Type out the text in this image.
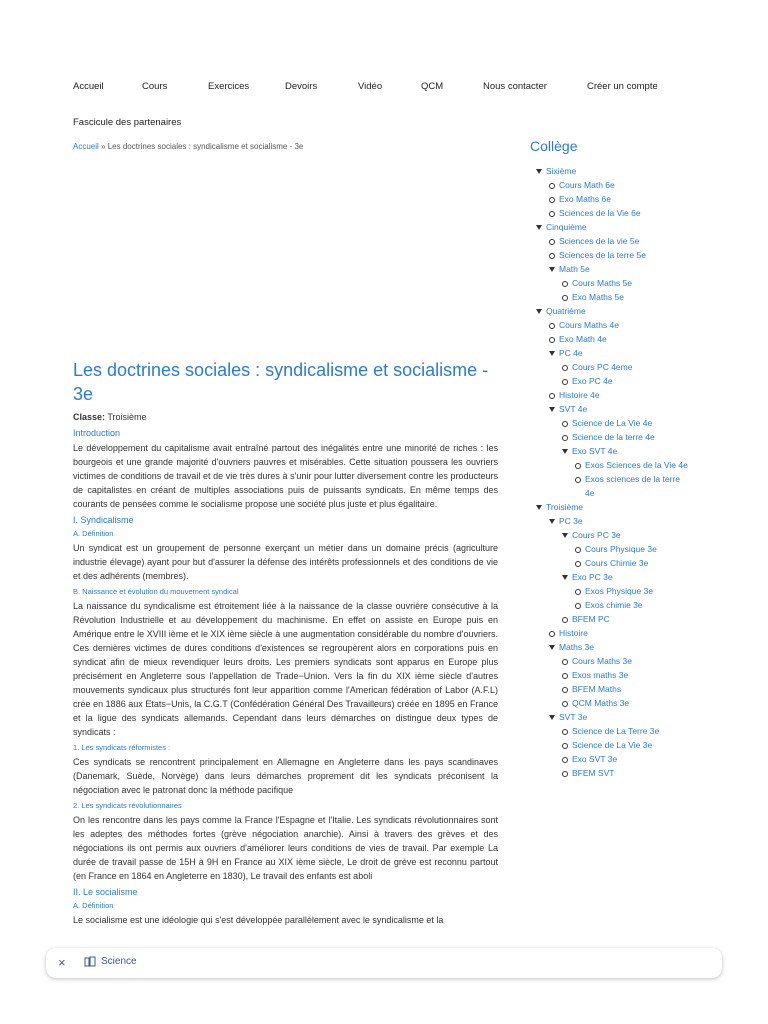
Accueil	Cours	Exercices	Devoirs	Vidéo	QCM	Nous contacter	Créer un compte
Fascicule des partenaires
Accueil » Les doctrines sociales : syndicalisme et socialisme - 3e
Les doctrines sociales : syndicalisme et socialisme - 3e
Classe: Troisième
Introduction

Le développement du capitalisme avait entraîné partout des inégalités entre une minorité de riches : les bourgeois et une grande majorité d'ouvriers pauvres et misérables. Cette situation poussera les ouvriers victimes de conditions de travail et de vie très dures à s'unir pour lutter diversement contre les producteurs de capitalistes en créant de multiples associations puis de puissants syndicats. En même temps des courants de pensées comme le socialisme propose une société plus juste et plus égalitaire.

I. Syndicalisme
A. Définition

Un syndicat est un groupement de personne exerçant un métier dans un domaine précis (agriculture industrie élevage) ayant pour but d'assurer la défense des intérêts professionnels et des conditions de vie et des adhérents (membres).

B. Naissance et évolution du mouvement syndical

La naissance du syndicalisme est étroitement liée à la naissance de la classe ouvrière consécutive à la Révolution Industrielle et au développement du machinisme. En effet on assiste en Europe puis en Amérique entre le XVIII ième et le XIX ième siècle à une augmentation considérable du nombre d'ouvriers. Ces dernières victimes de dures conditions d'existences se regroupèrent alors en corporations puis en syndicat afin de mieux revendiquer leurs droits. Les premiers syndicats sont apparus en Europe plus précisément en Angleterre sous l'appellation de Trade−Union. Vers la fin du XIX ième siècle d'autres mouvements syndicaux plus structurés font leur apparition comme l'American fédération of Labor (A.F.L) crée en 1886 aux Etats−Unis, la C.G.T (Confédération Général Des Travailleurs) créée en 1895 en France et la ligue des syndicats allemands. Cependant dans leurs démarches on distingue deux types de syndicats :

1. Les syndicats réformistes :

Ces syndicats se rencontrent principalement en Allemagne en Angleterre dans les pays scandinaves (Danemark, Suède, Norvège) dans leurs démarches proprement dit les syndicats préconisent la négociation avec le patronat donc la méthode pacifique

2. Les syndicats révolutionnaires

On les rencontre dans les pays comme la France l'Espagne et l'Italie. Les syndicats révolutionnaires sont les adeptes des méthodes fortes (grève négociation anarchie). Ainsi à travers des grèves et des négociations ils ont permis aux ouvriers d'améliorer leurs conditions de vies de travail. Par exemple La durée de travail passe de 15H à 9H en France au XIX ième siècle, Le droit de grève est reconnu partout (en France en 1864 en Angleterre en 1830), Le travail des enfants est aboli

II. Le socialisme
A. Définition

Le socialisme est une idéologie qui s'est développée parallèlement avec le syndicalisme et la

Collège
Sixième
Cours Math 6e
Exo Maths 6e
Sciences de la Vie 6e
Cinquième
Sciences de la vie 5e
Sciences de la terre 5e
Math 5e
Cours Maths 5e
Exo Maths 5e
Quatrième
Cours Maths 4e
Exo Math 4e
PC 4e
Cours PC 4eme
Exo PC 4e
Histoire 4e
SVT 4e
Science de La Vie 4e
Science de la terre 4e
Exo SVT 4e
Exos Sciences de la Vie 4e
Exos sciences de la terre
4e
Troisième
PC 3e
Cours PC 3e
Cours Physique 3e
Cours Chimie 3e
Exo PC 3e
Exos Physique 3e
Exos chimie 3e
BFEM PC
Histoire
Maths 3e
Cours Maths 3e
Exos maths 3e
BFEM Maths
QCM Maths 3e
SVT 3e
Science de La Terre 3e
Science de La Vie 3e
Exo SVT 3e
BFEM SVT
×	Science
